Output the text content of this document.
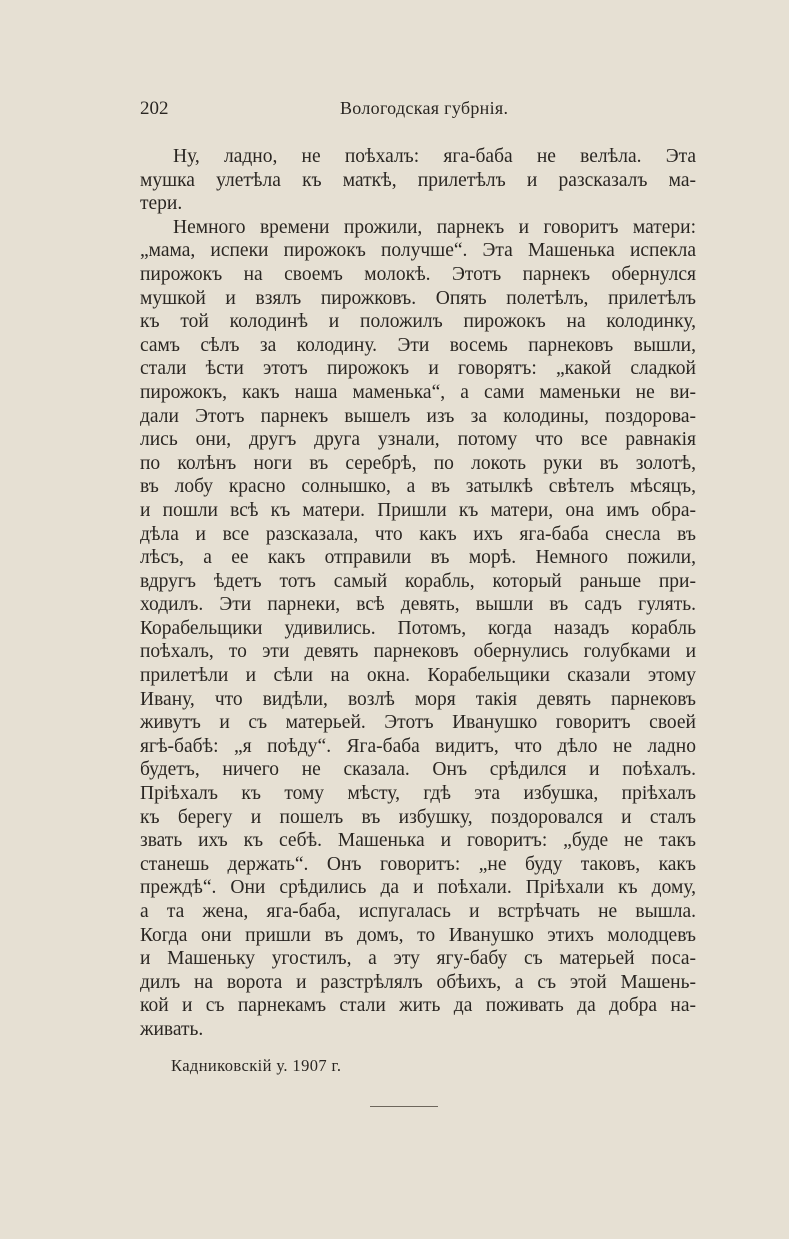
202	Вологодская губрнія.
Ну, ладно, не поѣхалъ: яга-баба не велѣла. Эта
мушка улетѣла къ маткѣ, прилетѣлъ и разсказалъ ма-
тери.
Немного времени прожили, парнекъ и говоритъ матери:
„мама, испеки пирожокъ получше“. Эта Машенька испекла
пирожокъ на своемъ молокѣ. Этотъ парнекъ обернулся
мушкой и взялъ пирожковъ. Опять полетѣлъ, прилетѣлъ
къ той колодинѣ и положилъ пирожокъ на колодинку,
самъ сѣлъ за колодину. Эти восемь парнековъ вышли,
стали ѣсти этотъ пирожокъ и говорятъ: „какой сладкой
пирожокъ, какъ наша маменька“, а сами маменьки не ви-
дали Этотъ парнекъ вышелъ изъ за колодины, поздорова-
лись они, другъ друга узнали, потому что все равнакія
по колѣнъ ноги въ серебрѣ, по локоть руки въ золотѣ,
въ лобу красно солнышко, а въ затылкѣ свѣтелъ мѣсяцъ,
и пошли всѣ къ матери. Пришли къ матери, она имъ обра-
дѣла и все разсказала, что какъ ихъ яга-баба снесла въ
лѣсъ, а ее какъ отправили въ морѣ. Немного пожили,
вдругъ ѣдетъ тотъ самый корабль, который раньше при-
ходилъ. Эти парнеки, всѣ девять, вышли въ садъ гулять.
Корабельщики удивились. Потомъ, когда назадъ корабль
поѣхалъ, то эти девять парнековъ обернулись голубками и
прилетѣли и сѣли на окна. Корабельщики сказали этому
Ивану, что видѣли, возлѣ моря такія девять парнековъ
живутъ и съ матерьей. Этотъ Иванушко говоритъ своей
ягѣ-бабѣ: „я поѣду“. Яга-баба видитъ, что дѣло не ладно
будетъ, ничего не сказала. Онъ срѣдился и поѣхалъ.
Пріѣхалъ къ тому мѣсту, гдѣ эта избушка, пріѣхалъ
къ берегу и пошелъ въ избушку, поздоровался и сталъ
звать ихъ къ себѣ. Машенька и говоритъ: „буде не такъ
станешь держать“. Онъ говоритъ: „не буду таковъ, какъ
преждѣ“. Они срѣдились да и поѣхали. Пріѣхали къ дому,
а та жена, яга-баба, испугалась и встрѣчать не вышла.
Когда они пришли въ домъ, то Иванушко этихъ молодцевъ
и Машеньку угостилъ, а эту ягу-бабу съ матерьей поса-
дилъ на ворота и разстрѣлялъ обѣихъ, а съ этой Машень-
кой и съ парнекамъ стали жить да поживать да добра на-
живать.
Кадниковскій у. 1907 г.
